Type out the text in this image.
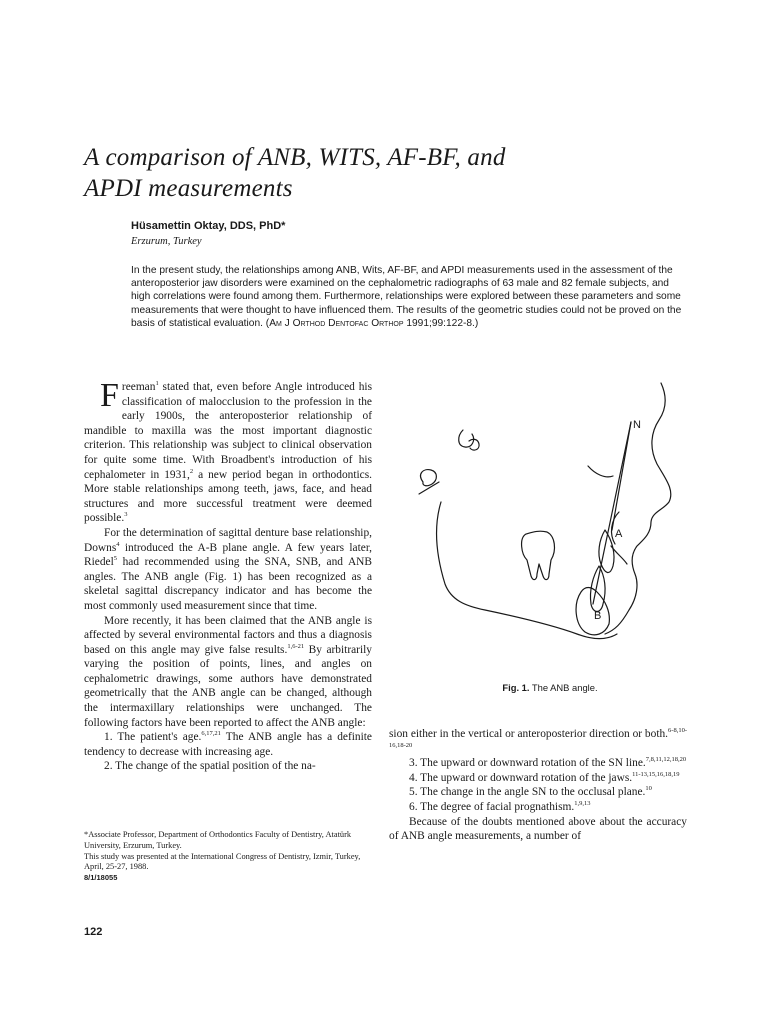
A comparison of ANB, WITS, AF-BF, and
APDI measurements
Hüsamettin Oktay, DDS, PhD*
Erzurum, Turkey
In the present study, the relationships among ANB, Wits, AF-BF, and APDI measurements used in the assessment of the anteroposterior jaw disorders were examined on the cephalometric radiographs of 63 male and 82 female subjects, and high correlations were found among them. Furthermore, relationships were explored between these parameters and some measurements that were thought to have influenced them. The results of the geometric studies could not be proved on the basis of statistical evaluation. (Am J Orthod Dentofac Orthop 1991;99:122-8.)

Freeman$^1$ stated that, even before Angle introduced his classification of malocclusion to the profession in the early 1900s, the anteroposterior relationship of mandible to maxilla was the most important diagnostic criterion. This relationship was subject to clinical observation for quite some time. With Broadbent's introduction of his cephalometer in 1931,$^2$ a new period began in orthodontics. More stable relationships among teeth, jaws, face, and head structures and more successful treatment were deemed possible.$^3$

For the determination of sagittal denture base relationship, Downs$^4$ introduced the A-B plane angle. A few years later, Riedel$^5$ had recommended using the SNA, SNB, and ANB angles. The ANB angle (Fig. 1) has been recognized as a skeletal sagittal discrepancy indicator and has become the most commonly used measurement since that time.

More recently, it has been claimed that the ANB angle is affected by several environmental factors and thus a diagnosis based on this angle may give false results.$^{1,6-21}$ By arbitrarily varying the position of points, lines, and angles on cephalometric drawings, some authors have demonstrated geometrically that the ANB angle can be changed, although the intermaxillary relationships were unchanged. The following factors have been reported to affect the ANB angle:

1. The patient's age.$^{6,17,21}$ The ANB angle has a definite tendency to decrease with increasing age.

2. The change of the spatial position of the na-

*Associate Professor, Department of Orthodontics Faculty of Dentistry, Atatürk University, Erzurum, Turkey.
This study was presented at the International Congress of Dentistry, Izmir, Turkey, April, 25-27, 1988.
8/1/18055
122
N
A
B
Fig. 1. The ANB angle.

sion either in the vertical or anteroposterior direction or both.$^{6-8,10-16,18-20}$

3. The upward or downward rotation of the SN line.$^{7,8,11,12,18,20}$

4. The upward or downward rotation of the jaws.$^{11-13,15,16,18,19}$

5. The change in the angle SN to the occlusal plane.$^{10}$

6. The degree of facial prognathism.$^{1,9,13}$

Because of the doubts mentioned above about the accuracy of ANB angle measurements, a number of
